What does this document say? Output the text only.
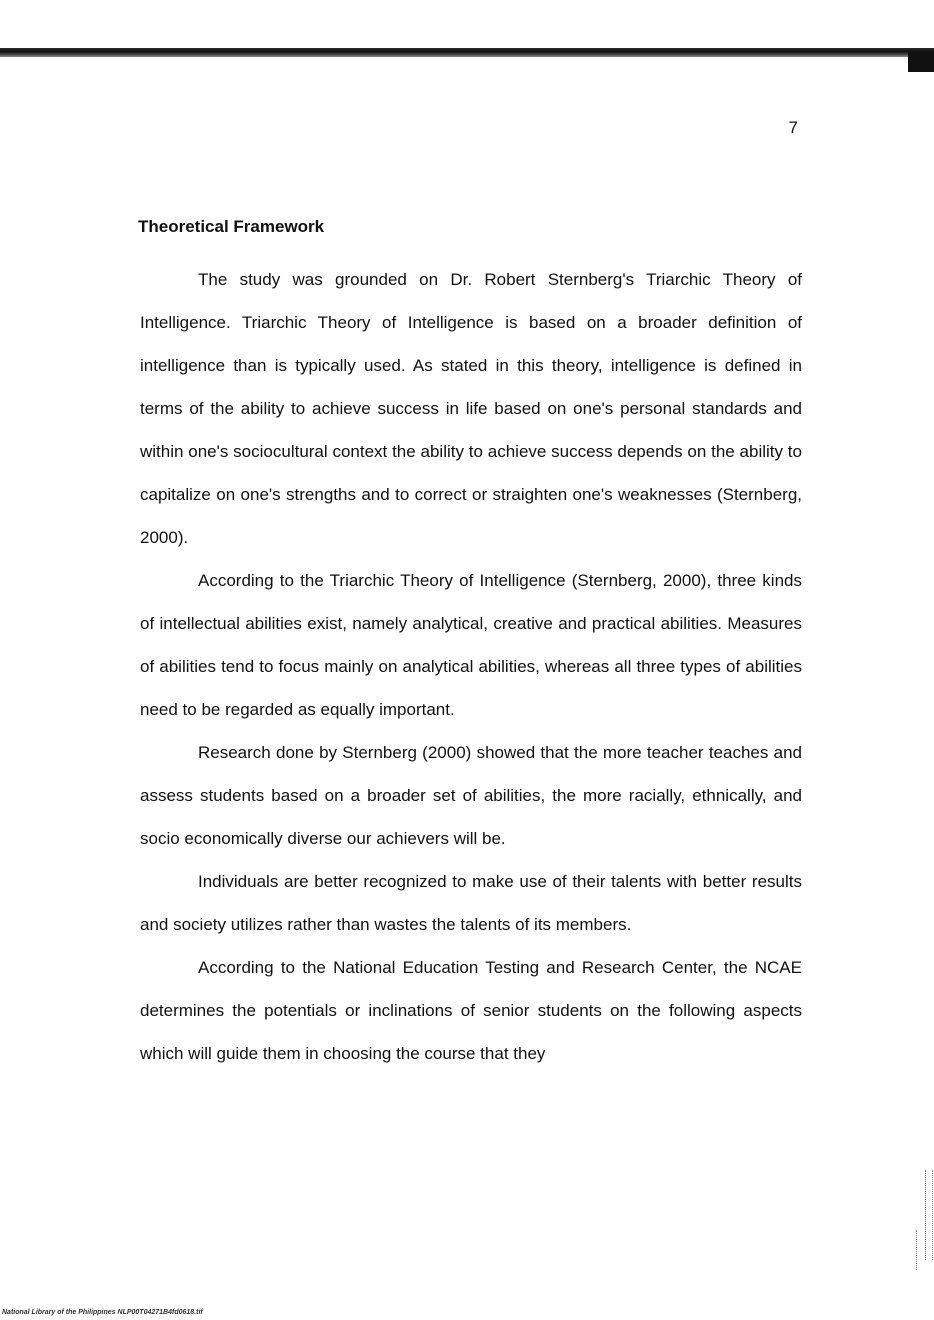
7
Theoretical Framework

The study was grounded on Dr. Robert Sternberg's Triarchic Theory of Intelligence. Triarchic Theory of Intelligence is based on a broader definition of intelligence than is typically used. As stated in this theory, intelligence is defined in terms of the ability to achieve success in life based on one's personal standards and within one's sociocultural context the ability to achieve success depends on the ability to capitalize on one's strengths and to correct or straighten one's weaknesses (Sternberg, 2000).

According to the Triarchic Theory of Intelligence (Sternberg, 2000), three kinds of intellectual abilities exist, namely analytical, creative and practical abilities. Measures of abilities tend to focus mainly on analytical abilities, whereas all three types of abilities need to be regarded as equally important.

Research done by Sternberg (2000) showed that the more teacher teaches and assess students based on a broader set of abilities, the more racially, ethnically, and socio economically diverse our achievers will be.

Individuals are better recognized to make use of their talents with better results and society utilizes rather than wastes the talents of its members.

According to the National Education Testing and Research Center, the NCAE determines the potentials or inclinations of senior students on the following aspects which will guide them in choosing the course that they

National Library of the Philippines NLP00T04271B4fd0618.tif
